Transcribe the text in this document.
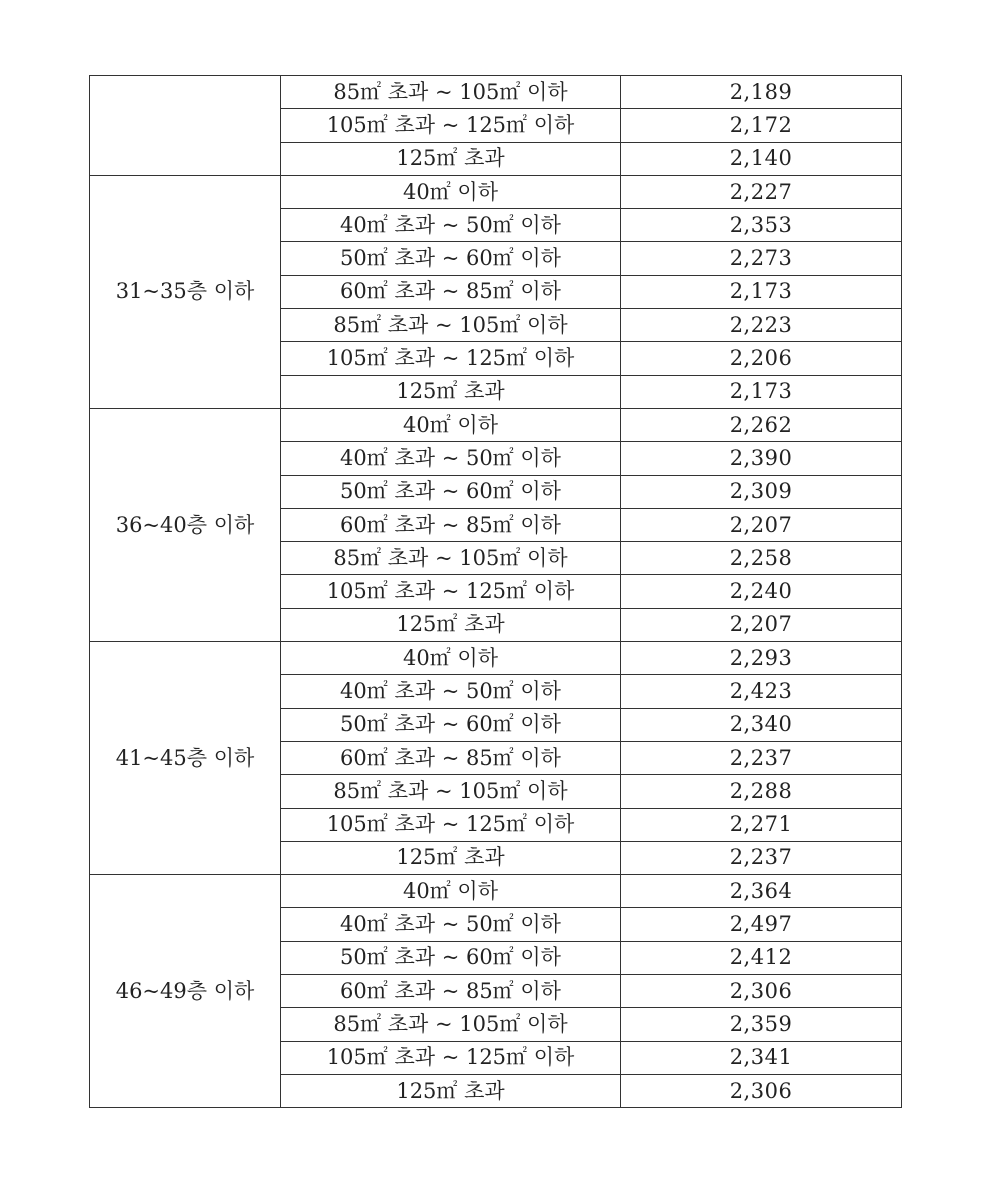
	85㎡ 초과 ~ 105㎡ 이하	2,189
	105㎡ 초과 ~ 125㎡ 이하	2,172
	125㎡ 초과	2,140
31~35층 이하	40㎡ 이하	2,227
	40㎡ 초과 ~ 50㎡ 이하	2,353
	50㎡ 초과 ~ 60㎡ 이하	2,273
	60㎡ 초과 ~ 85㎡ 이하	2,173
	85㎡ 초과 ~ 105㎡ 이하	2,223
	105㎡ 초과 ~ 125㎡ 이하	2,206
	125㎡ 초과	2,173
36~40층 이하	40㎡ 이하	2,262
	40㎡ 초과 ~ 50㎡ 이하	2,390
	50㎡ 초과 ~ 60㎡ 이하	2,309
	60㎡ 초과 ~ 85㎡ 이하	2,207
	85㎡ 초과 ~ 105㎡ 이하	2,258
	105㎡ 초과 ~ 125㎡ 이하	2,240
	125㎡ 초과	2,207
41~45층 이하	40㎡ 이하	2,293
	40㎡ 초과 ~ 50㎡ 이하	2,423
	50㎡ 초과 ~ 60㎡ 이하	2,340
	60㎡ 초과 ~ 85㎡ 이하	2,237
	85㎡ 초과 ~ 105㎡ 이하	2,288
	105㎡ 초과 ~ 125㎡ 이하	2,271
	125㎡ 초과	2,237
46~49층 이하	40㎡ 이하	2,364
	40㎡ 초과 ~ 50㎡ 이하	2,497
	50㎡ 초과 ~ 60㎡ 이하	2,412
	60㎡ 초과 ~ 85㎡ 이하	2,306
	85㎡ 초과 ~ 105㎡ 이하	2,359
	105㎡ 초과 ~ 125㎡ 이하	2,341
	125㎡ 초과	2,306
